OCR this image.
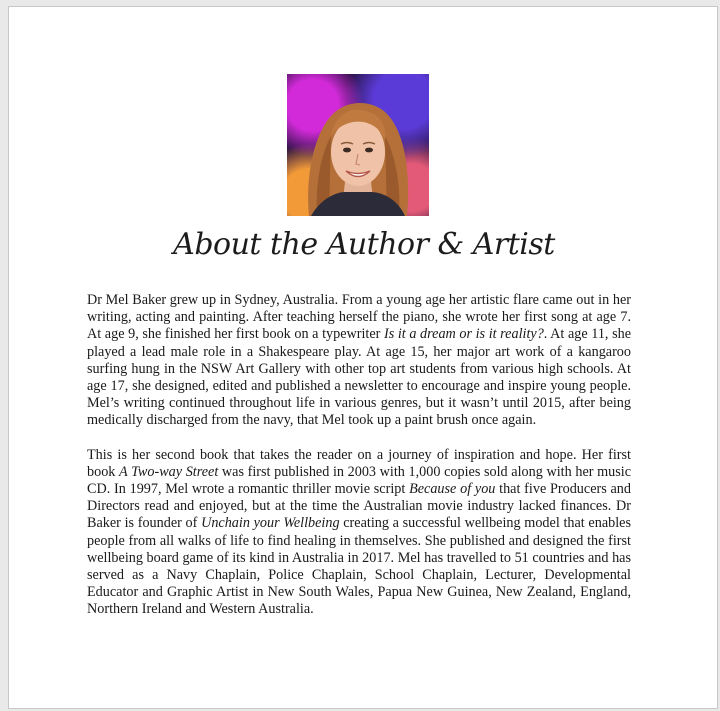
About the Author & Artist

Dr Mel Baker grew up in Sydney, Australia. From a young age her artistic flare came out in her writing, acting and painting. After teaching herself the piano, she wrote her first song at age 7. At age 9, she finished her first book on a typewriter Is it a dream or is it reality?. At age 11, she played a lead male role in a Shakespeare play. At age 15, her major art work of a kangaroo surfing hung in the NSW Art Gallery with other top art students from various high schools. At age 17, she designed, edited and published a newsletter to encourage and inspire young people. Mel’s writing continued throughout life in various genres, but it wasn’t until 2015, after being medically discharged from the navy, that Mel took up a paint brush once again.

This is her second book that takes the reader on a journey of inspiration and hope. Her first book A Two-way Street was first published in 2003 with 1,000 copies sold along with her music CD. In 1997, Mel wrote a romantic thriller movie script Because of you that five Producers and Directors read and enjoyed, but at the time the Australian movie industry lacked finances. Dr Baker is founder of Unchain your Wellbeing creating a successful wellbeing model that enables people from all walks of life to find healing in themselves. She published and designed the first wellbeing board game of its kind in Australia in 2017. Mel has travelled to 51 countries and has served as a Navy Chaplain, Police Chaplain, School Chaplain, Lecturer, Developmental Educator and Graphic Artist in New South Wales, Papua New Guinea, New Zealand, England, Northern Ireland and Western Australia.
